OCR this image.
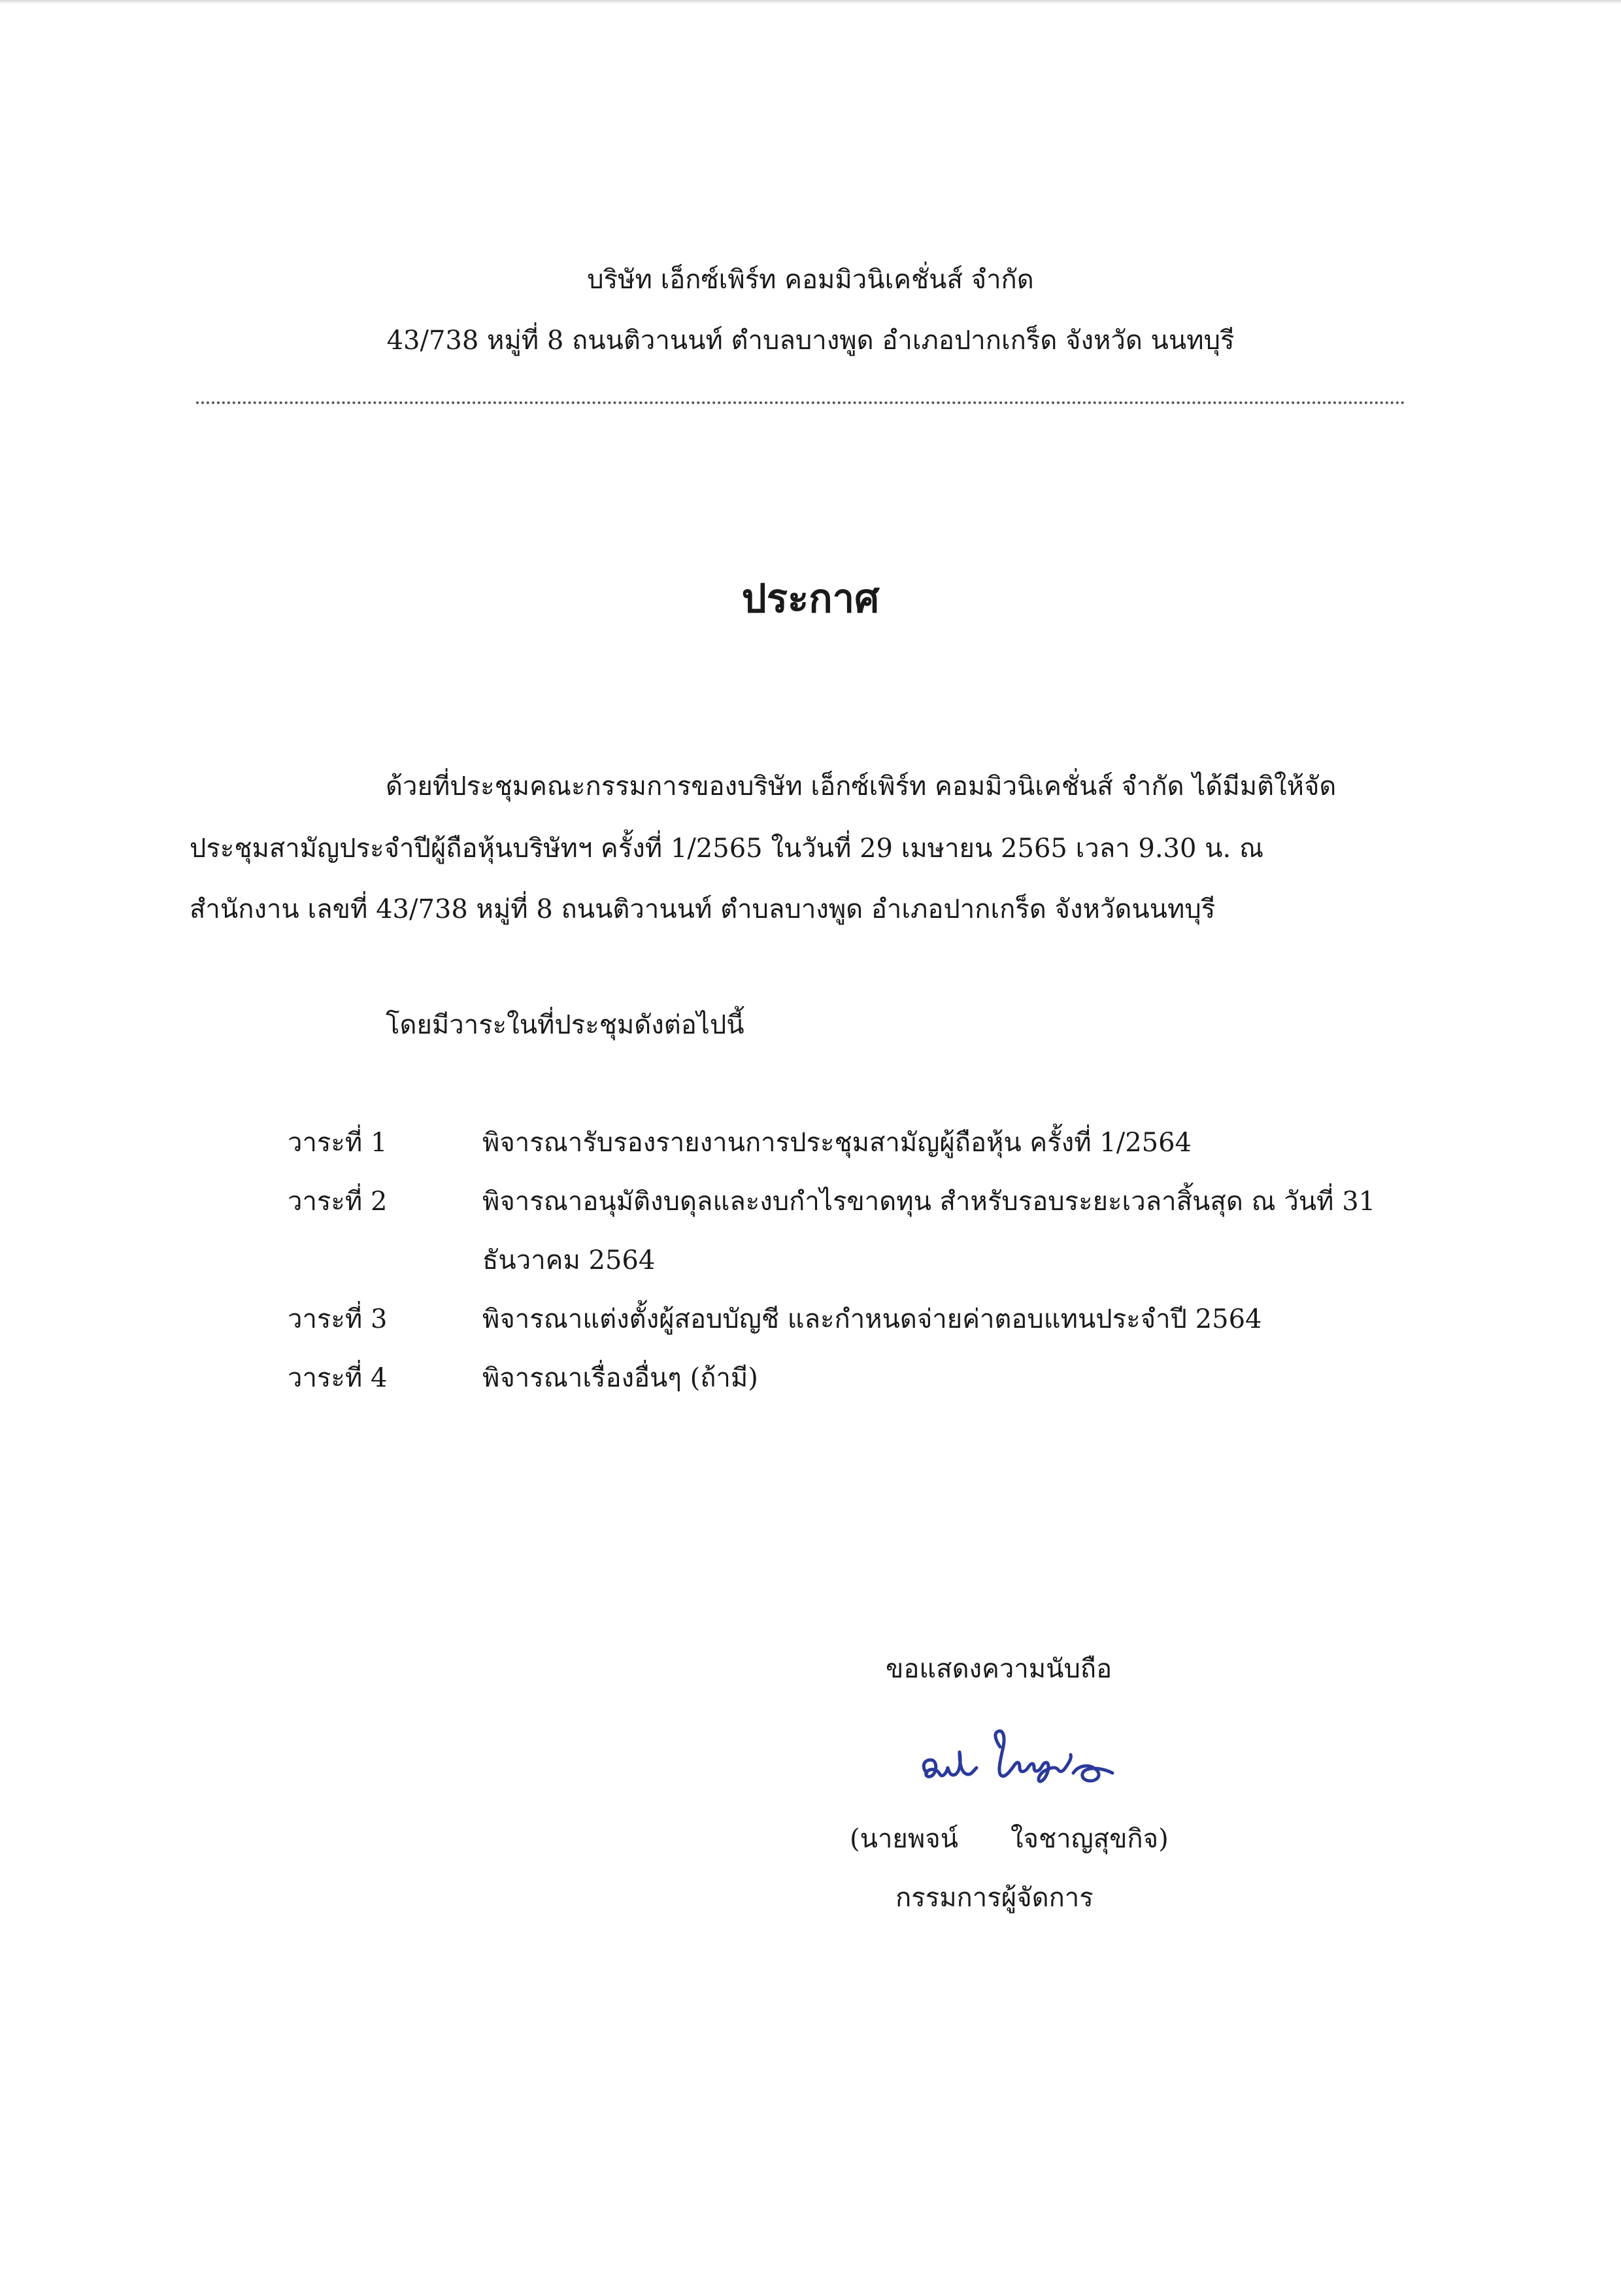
บริษัท เอ็กซ์เพิร์ท คอมมิวนิเคชั่นส์ จำกัด
43/738 หมู่ที่ 8 ถนนติวานนท์ ตำบลบางพูด อำเภอปากเกร็ด จังหวัด นนทบุรี
ประกาศ
ด้วยที่ประชุมคณะกรรมการของบริษัท เอ็กซ์เพิร์ท คอมมิวนิเคชั่นส์ จำกัด ได้มีมติให้จัด
ประชุมสามัญประจำปีผู้ถือหุ้นบริษัทฯ ครั้งที่ 1/2565 ในวันที่ 29 เมษายน 2565 เวลา 9.30 น. ณ
สำนักงาน เลขที่ 43/738 หมู่ที่ 8 ถนนติวานนท์ ตำบลบางพูด อำเภอปากเกร็ด จังหวัดนนทบุรี
โดยมีวาระในที่ประชุมดังต่อไปนี้
วาระที่ 1	พิจารณารับรองรายงานการประชุมสามัญผู้ถือหุ้น ครั้งที่ 1/2564
วาระที่ 2	พิจารณาอนุมัติงบดุลและงบกำไรขาดทุน สำหรับรอบระยะเวลาสิ้นสุด ณ วันที่ 31
ธันวาคม 2564
วาระที่ 3	พิจารณาแต่งตั้งผู้สอบบัญชี และกำหนดจ่ายค่าตอบแทนประจำปี 2564
วาระที่ 4	พิจารณาเรื่องอื่นๆ (ถ้ามี)
ขอแสดงความนับถือ
(นายพจน์ ใจชาญสุขกิจ)
กรรมการผู้จัดการ
